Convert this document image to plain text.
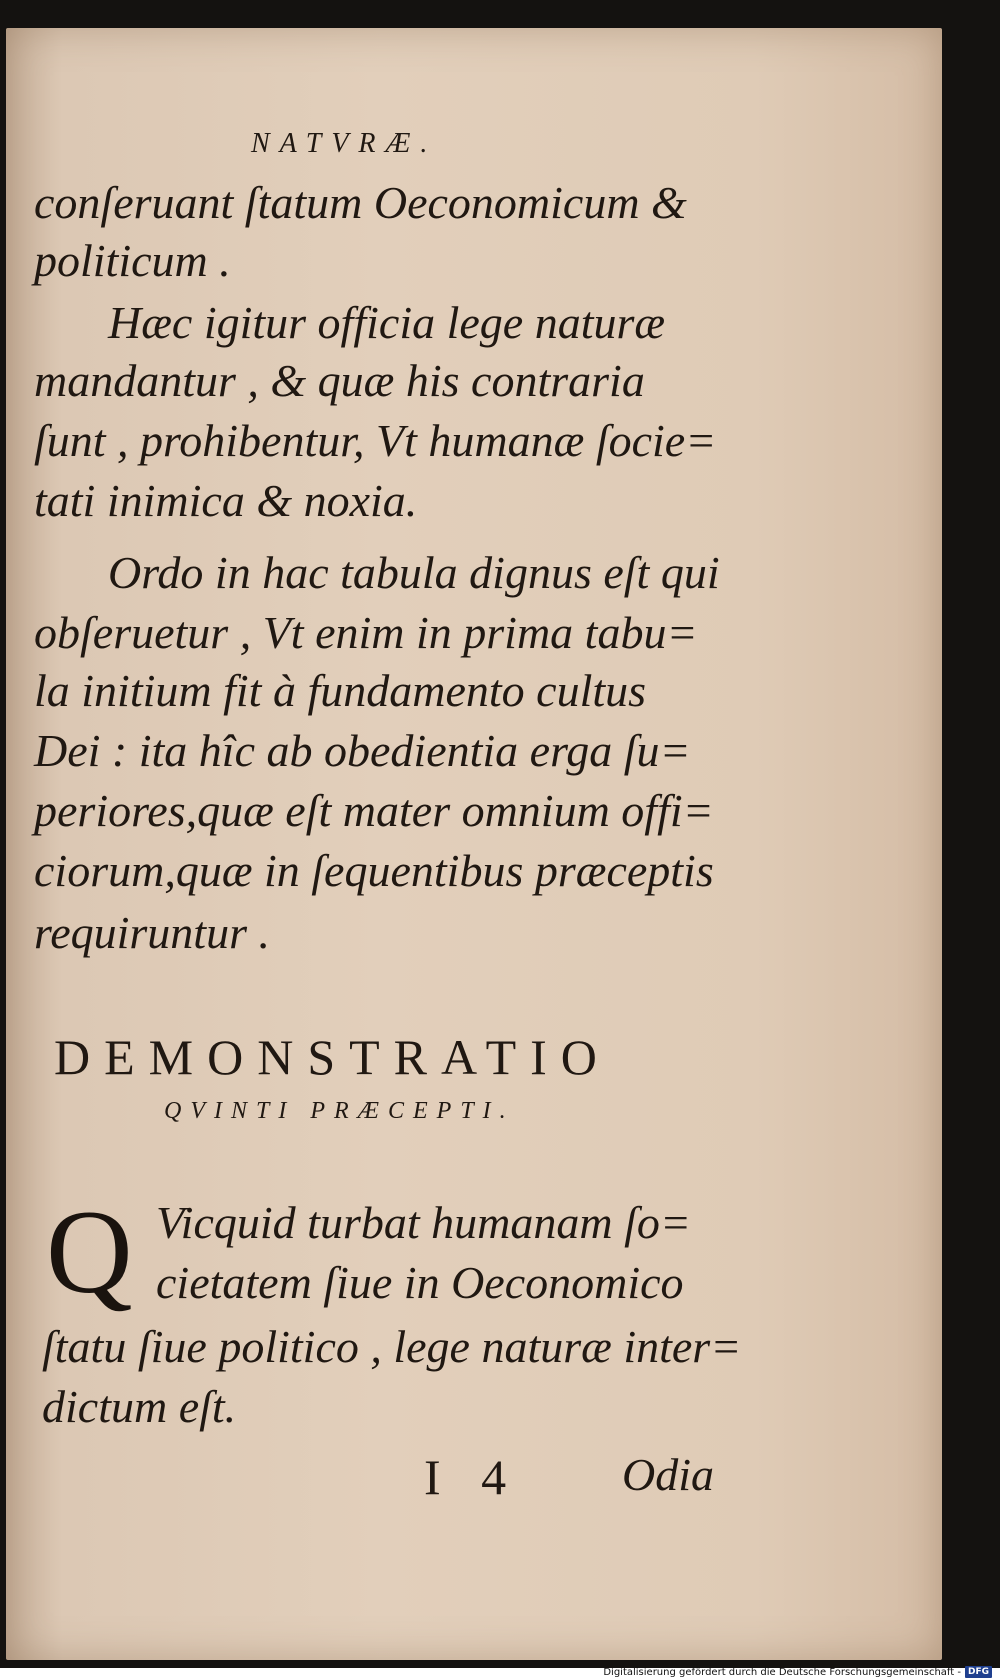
NATVRÆ.
conſeruant ſtatum Oeconomicum &
politicum .
Hæc igitur officia lege naturæ
mandantur , & quæ his contraria
ſunt , prohibentur, Vt humanæ ſocie=
tati inimica & noxia.
Ordo in hac tabula dignus eſt qui
obſeruetur , Vt enim in prima tabu=
la initium fit à fundamento cultus
Dei : ita hîc ab obedientia erga ſu=
periores,quæ eſt mater omnium offi=
ciorum,quæ in ſequentibus præceptis
requiruntur .
DEMONSTRATIO
QVINTI PRÆCEPTI.
Q Vicquid turbat humanam ſo=
cietatem ſiue in Oeconomico
ſtatu ſiue politico , lege naturæ inter=
dictum eſt.
I 4 Odia
Digitalisierung gefördert durch die Deutsche Forschungsgemeinschaft - DFG
